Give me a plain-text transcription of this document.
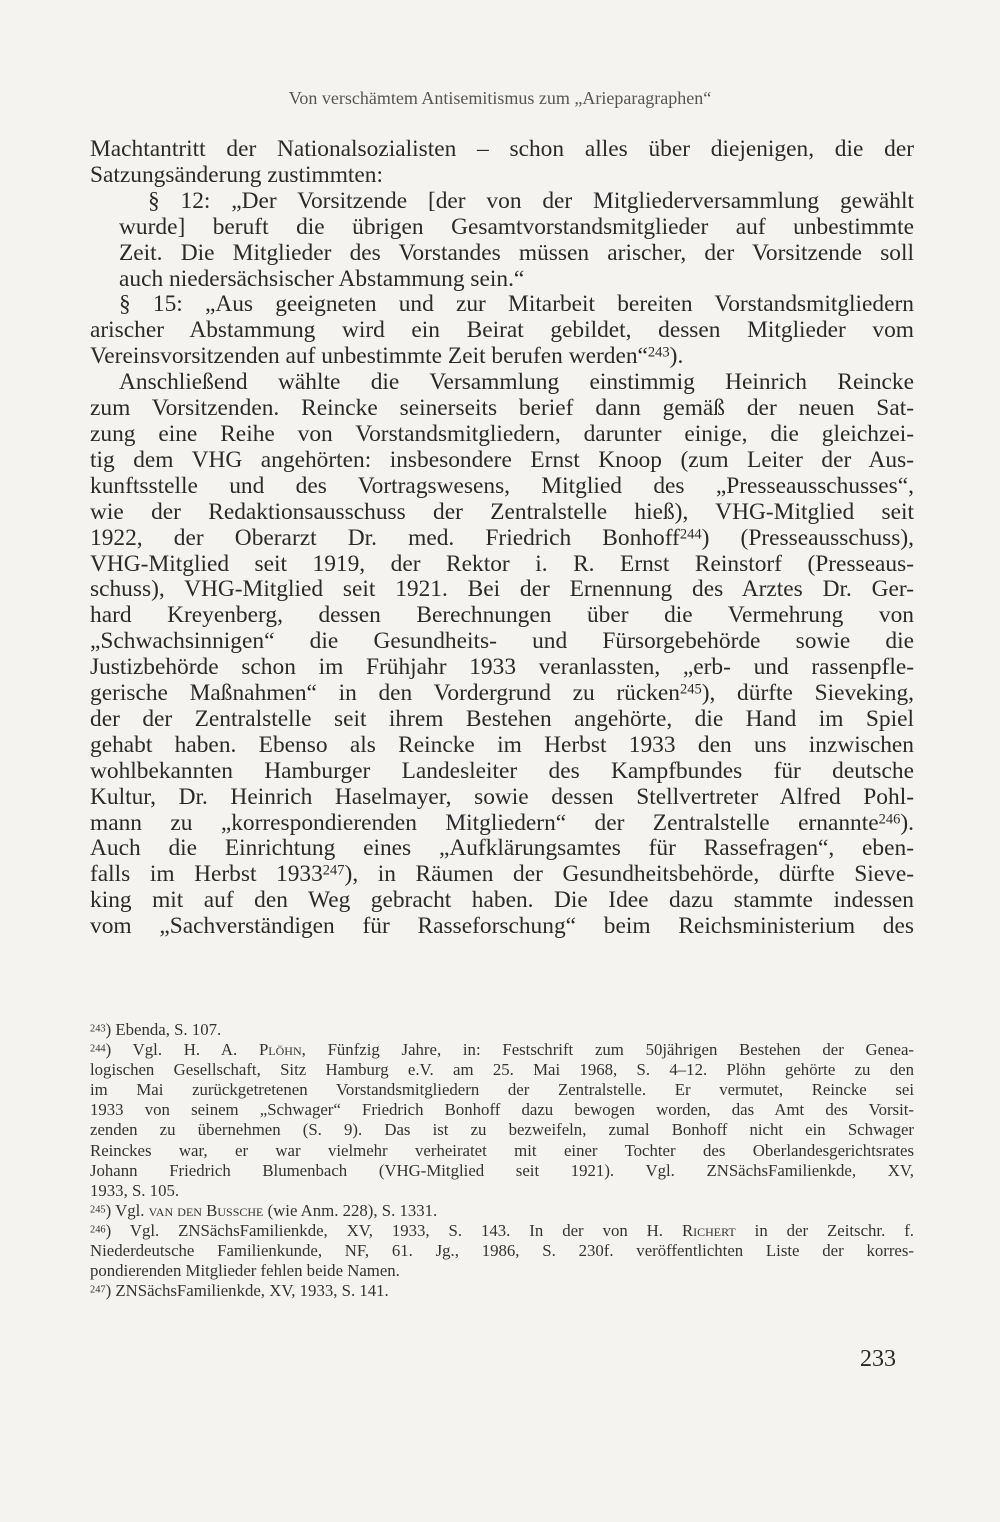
Von verschämtem Antisemitismus zum „Arieparagraphen“

Machtantritt der Nationalsozialisten – schon alles über diejenigen, die der
Satzungsänderung zustimmten:

§ 12: „Der Vorsitzende [der von der Mitgliederversammlung gewählt
wurde] beruft die übrigen Gesamtvorstandsmitglieder auf unbestimmte
Zeit. Die Mitglieder des Vorstandes müssen arischer, der Vorsitzende soll
auch niedersächsischer Abstammung sein.“

§ 15: „Aus geeigneten und zur Mitarbeit bereiten Vorstandsmitgliedern
arischer Abstammung wird ein Beirat gebildet, dessen Mitglieder vom
Vereinsvorsitzenden auf unbestimmte Zeit berufen werden“$^{243}$).

Anschließend wählte die Versammlung einstimmig Heinrich Reincke
zum Vorsitzenden. Reincke seinerseits berief dann gemäß der neuen Sat-
zung eine Reihe von Vorstandsmitgliedern, darunter einige, die gleichzei-
tig dem VHG angehörten: insbesondere Ernst Knoop (zum Leiter der Aus-
kunftsstelle und des Vortragswesens, Mitglied des „Presseausschusses“,
wie der Redaktionsausschuss der Zentralstelle hieß), VHG-Mitglied seit
1922, der Oberarzt Dr. med. Friedrich Bonhoff$^{244}$) (Presseausschuss),
VHG-Mitglied seit 1919, der Rektor i. R. Ernst Reinstorf (Presseaus-
schuss), VHG-Mitglied seit 1921. Bei der Ernennung des Arztes Dr. Ger-
hard Kreyenberg, dessen Berechnungen über die Vermehrung von
„Schwachsinnigen“ die Gesundheits- und Fürsorgebehörde sowie die
Justizbehörde schon im Frühjahr 1933 veranlassten, „erb- und rassenpfle-
gerische Maßnahmen“ in den Vordergrund zu rücken$^{245}$), dürfte Sieveking,
der der Zentralstelle seit ihrem Bestehen angehörte, die Hand im Spiel
gehabt haben. Ebenso als Reincke im Herbst 1933 den uns inzwischen
wohlbekannten Hamburger Landesleiter des Kampfbundes für deutsche
Kultur, Dr. Heinrich Haselmayer, sowie dessen Stellvertreter Alfred Pohl-
mann zu „korrespondierenden Mitgliedern“ der Zentralstelle ernannte$^{246}$).
Auch die Einrichtung eines „Aufklärungsamtes für Rassefragen“, eben-
falls im Herbst 1933$^{247}$), in Räumen der Gesundheitsbehörde, dürfte Sieve-
king mit auf den Weg gebracht haben. Die Idee dazu stammte indessen
vom „Sachverständigen für Rasseforschung“ beim Reichsministerium des

$^{243}$) Ebenda, S. 107.
$^{244}$) Vgl. H. A. Plöhn, Fünfzig Jahre, in: Festschrift zum 50jährigen Bestehen der Genea-
logischen Gesellschaft, Sitz Hamburg e.V. am 25. Mai 1968, S. 4–12. Plöhn gehörte zu den
im Mai zurückgetretenen Vorstandsmitgliedern der Zentralstelle. Er vermutet, Reincke sei
1933 von seinem „Schwager“ Friedrich Bonhoff dazu bewogen worden, das Amt des Vorsit-
zenden zu übernehmen (S. 9). Das ist zu bezweifeln, zumal Bonhoff nicht ein Schwager
Reinckes war, er war vielmehr verheiratet mit einer Tochter des Oberlandesgerichtsrates
Johann Friedrich Blumenbach (VHG-Mitglied seit 1921). Vgl. ZNSächsFamilienkde, XV,
1933, S. 105.
$^{245}$) Vgl. van den Bussche (wie Anm. 228), S. 1331.
$^{246}$) Vgl. ZNSächsFamilienkde, XV, 1933, S. 143. In der von H. Richert in der Zeitschr. f.
Niederdeutsche Familienkunde, NF, 61. Jg., 1986, S. 230f. veröffentlichten Liste der korres-
pondierenden Mitglieder fehlen beide Namen.
$^{247}$) ZNSächsFamilienkde, XV, 1933, S. 141.
233
